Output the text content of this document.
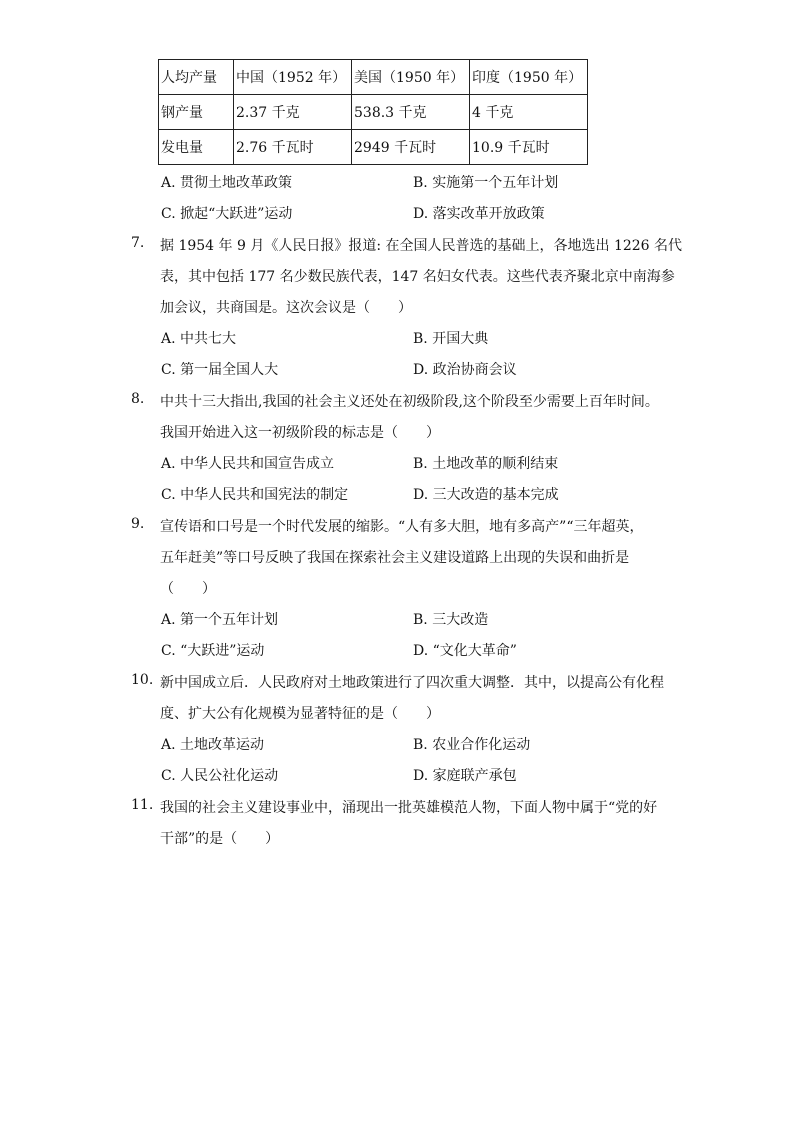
人均产量	中国（1952 年）	美国（1950 年）	印度（1950 年）
钢产量	2.37 千克	538.3 千克	4 千克
发电量	2.76 千瓦时	2949 千瓦时	10.9 千瓦时
A. 贯彻土地改革政策	B. 实施第一个五年计划
C. 掀起“大跃进”运动	D. 落实改革开放政策
7. 据 1954 年 9 月《人民日报》报道: 在全国人民普选的基础上，各地选出 1226 名代
表，其中包括 177 名少数民族代表，147 名妇女代表。这些代表齐聚北京中南海参
加会议，共商国是。这次会议是（　　）
A. 中共七大	B. 开国大典
C. 第一届全国人大	D. 政治协商会议
8. 中共十三大指出,我国的社会主义还处在初级阶段,这个阶段至少需要上百年时间。
我国开始进入这一初级阶段的标志是（　　）
A. 中华人民共和国宣告成立	B. 土地改革的顺利结束
C. 中华人民共和国宪法的制定	D. 三大改造的基本完成
9. 宣传语和口号是一个时代发展的缩影。“人有多大胆，地有多高产”“三年超英，
五年赶美”等口号反映了我国在探索社会主义建设道路上出现的失误和曲折是
（　　）
A. 第一个五年计划	B. 三大改造
C. “大跃进”运动	D. “文化大革命”
10. 新中国成立后．人民政府对土地政策进行了四次重大调整．其中，以提高公有化程
度、扩大公有化规模为显著特征的是（　　）
A. 土地改革运动	B. 农业合作化运动
C. 人民公社化运动	D. 家庭联产承包
11. 我国的社会主义建设事业中，涌现出一批英雄模范人物，下面人物中属于“党的好
干部”的是（　　）
